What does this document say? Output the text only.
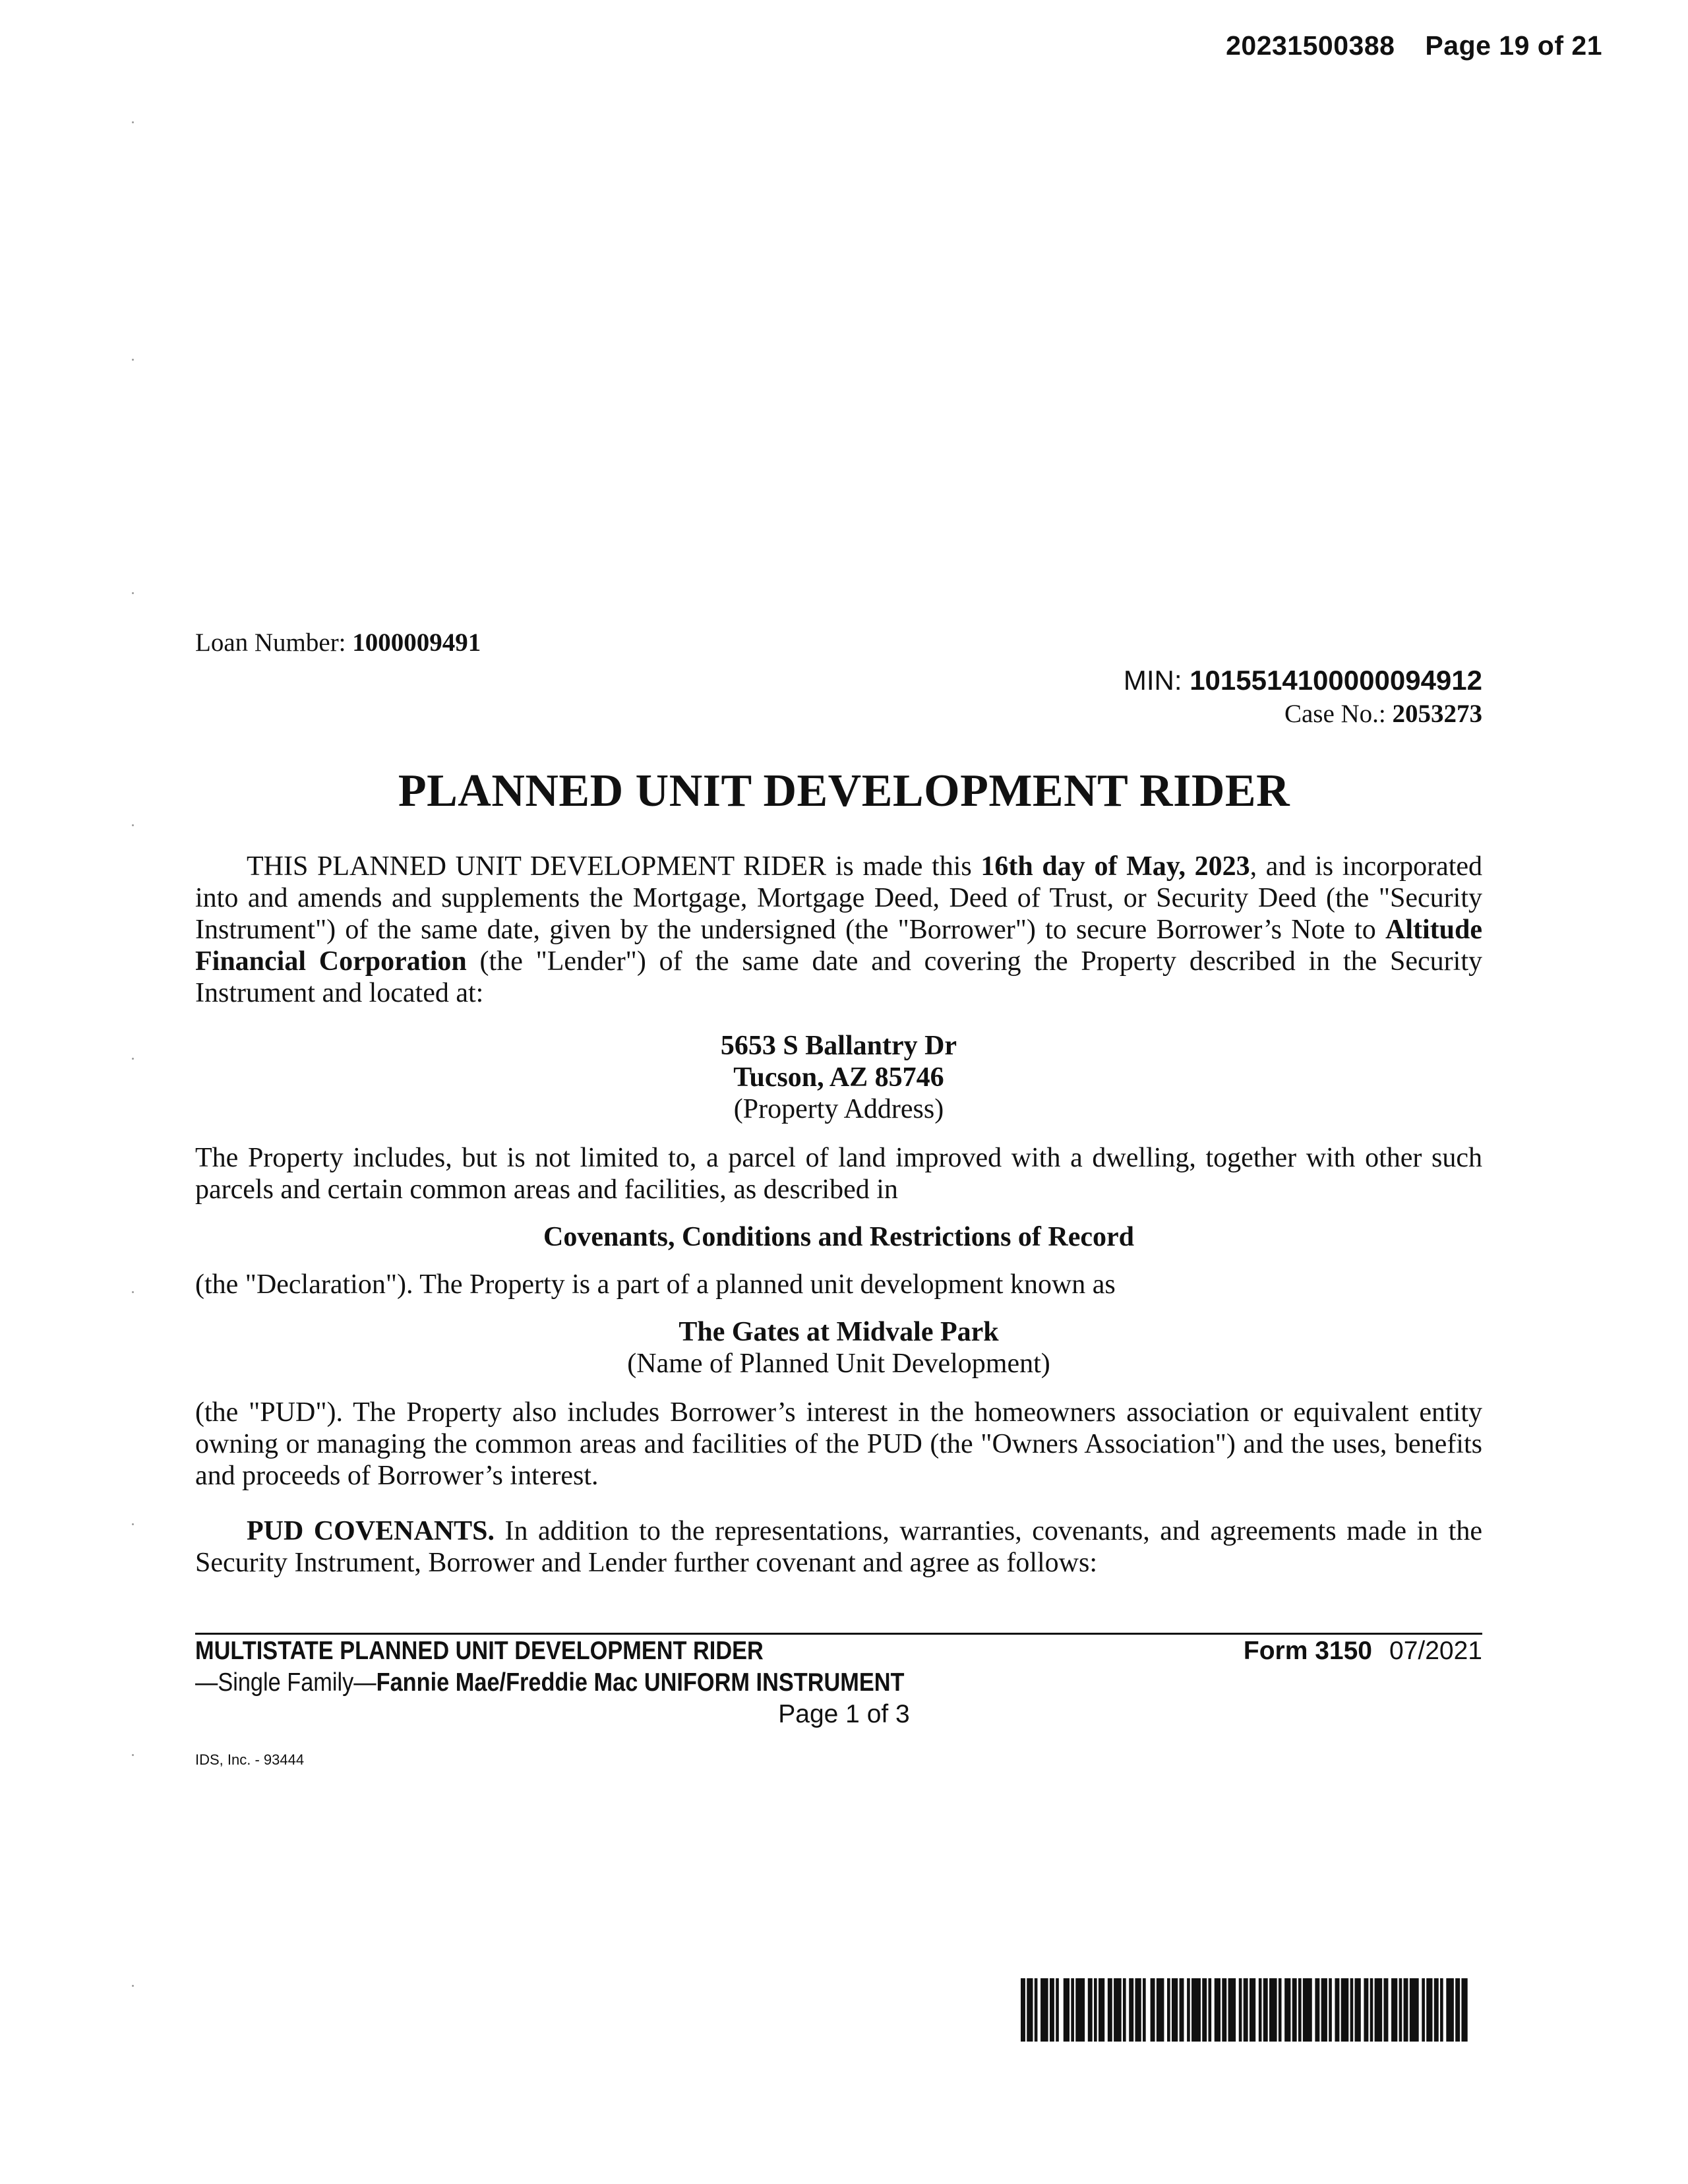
20231500388 Page 19 of 21
Loan Number: 1000009491
MIN: 1015514100000094912
Case No.: 2053273
PLANNED UNIT DEVELOPMENT RIDER
THIS PLANNED UNIT DEVELOPMENT RIDER is made this 16th day of May, 2023, and is incorporated into and amends and supplements the Mortgage, Mortgage Deed, Deed of Trust, or Security Deed (the "Security Instrument") of the same date, given by the undersigned (the "Borrower") to secure Borrower’s Note to Altitude Financial Corporation (the "Lender") of the same date and covering the Property described in the Security Instrument and located at:
5653 S Ballantry Dr
Tucson, AZ 85746
(Property Address)
The Property includes, but is not limited to, a parcel of land improved with a dwelling, together with other such parcels and certain common areas and facilities, as described in
Covenants, Conditions and Restrictions of Record
(the "Declaration"). The Property is a part of a planned unit development known as
The Gates at Midvale Park
(Name of Planned Unit Development)
(the "PUD"). The Property also includes Borrower’s interest in the homeowners association or equivalent entity owning or managing the common areas and facilities of the PUD (the "Owners Association") and the uses, benefits and proceeds of Borrower’s interest.
PUD COVENANTS. In addition to the representations, warranties, covenants, and agreements made in the Security Instrument, Borrower and Lender further covenant and agree as follows:
MULTISTATE PLANNED UNIT DEVELOPMENT RIDER	Form 3150 07/2021
—Single Family—Fannie Mae/Freddie Mac UNIFORM INSTRUMENT
Page 1 of 3
IDS, Inc. - 93444
